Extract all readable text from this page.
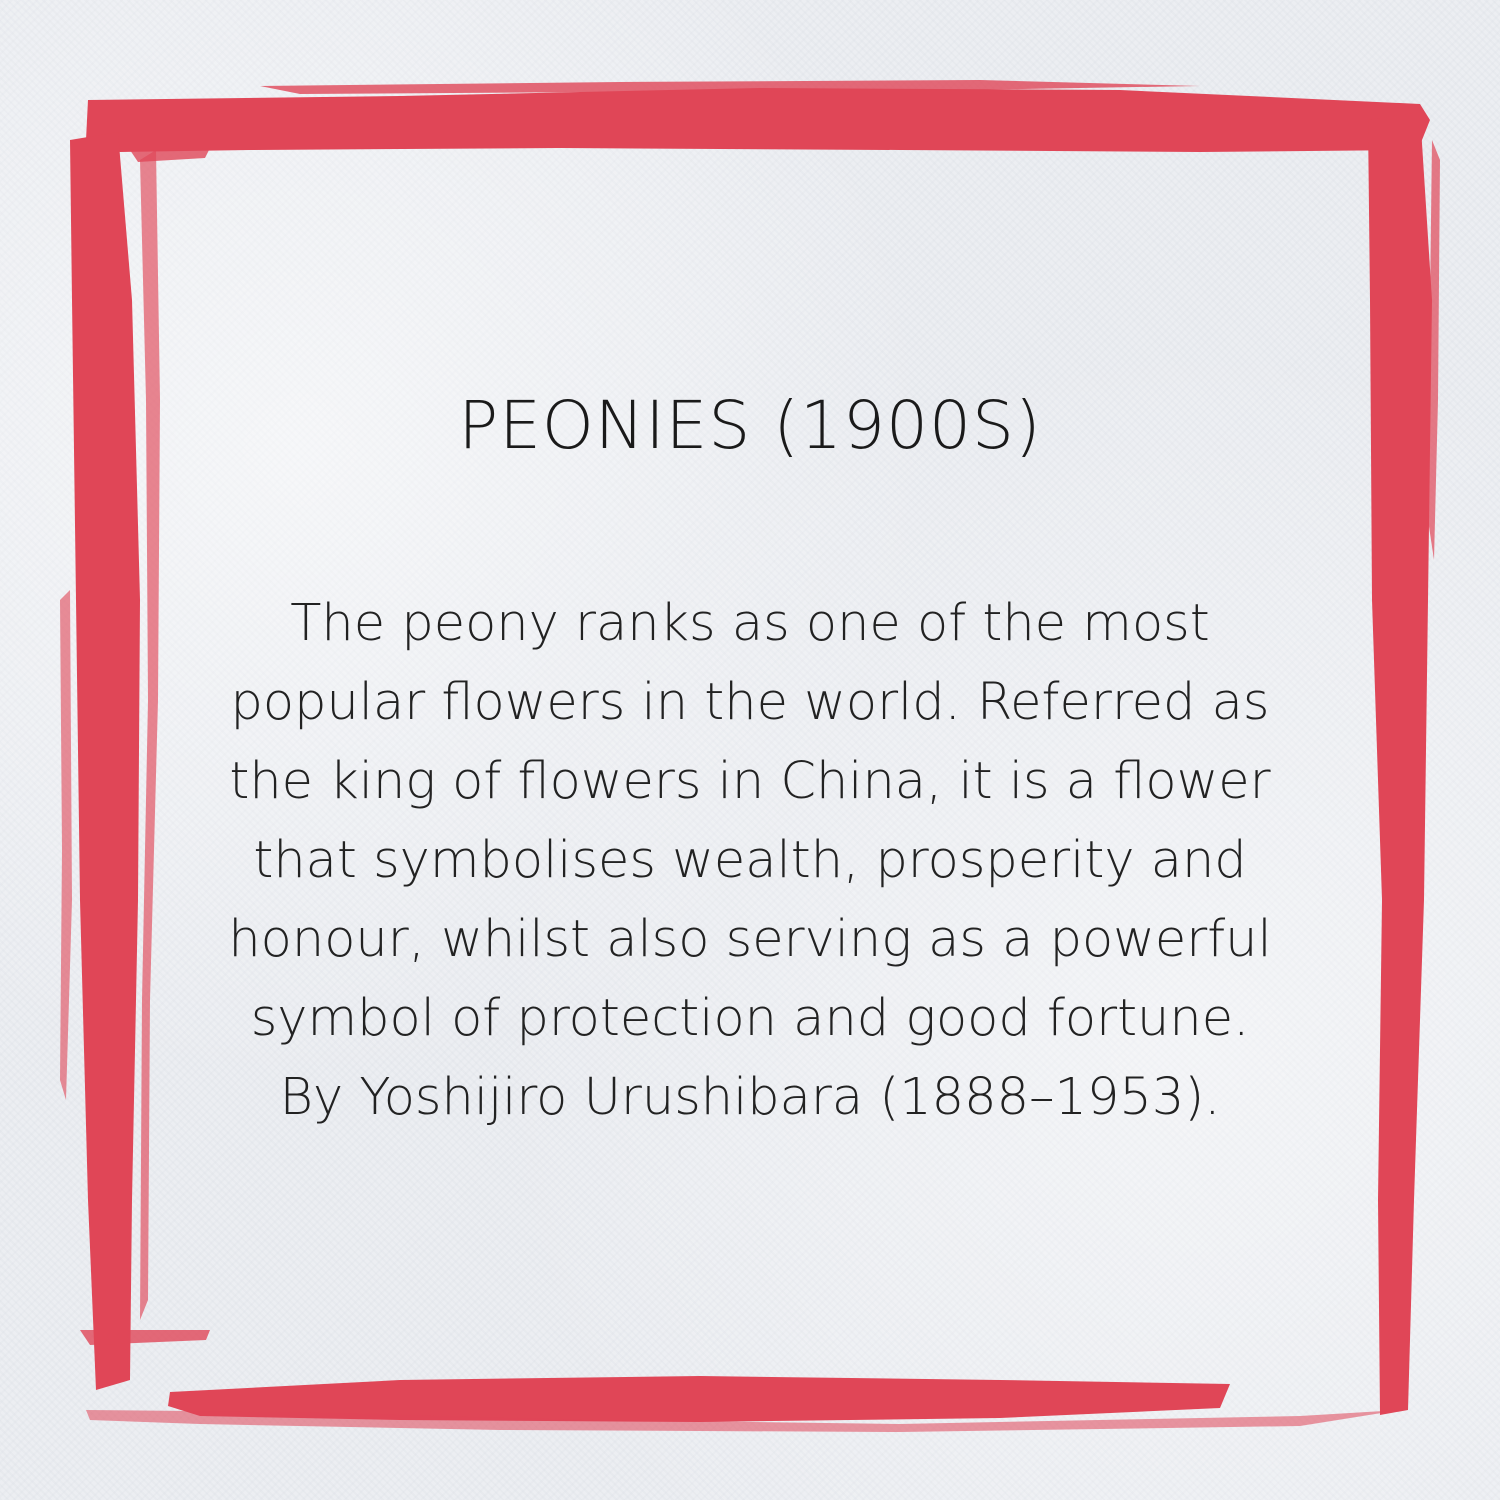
PEONIES (1900S)
The peony ranks as one of the most
popular flowers in the world. Referred as
the king of flowers in China, it is a flower
that symbolises wealth, prosperity and
honour, whilst also serving as a powerful
symbol of protection and good fortune.
By Yoshijiro Urushibara (1888–1953).
